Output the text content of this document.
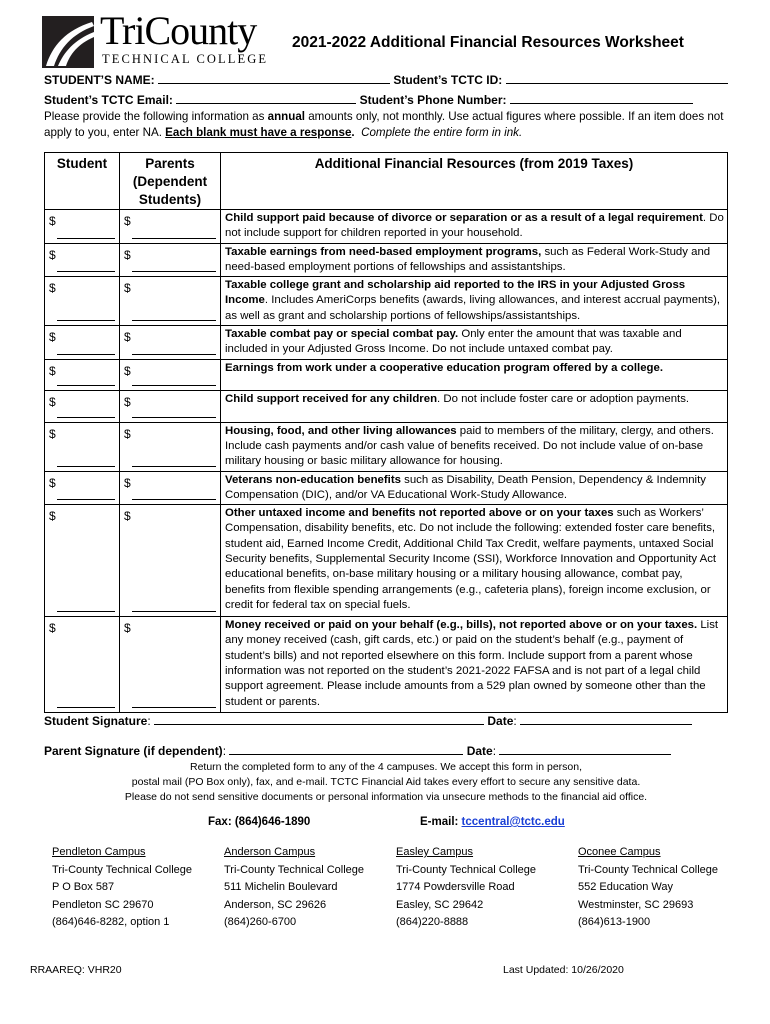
TriCounty
TECHNICAL COLLEGE
2021-2022 Additional Financial Resources Worksheet
STUDENT’S NAME:	Student’s TCTC ID:
Student’s TCTC Email:	Student’s Phone Number:
Please provide the following information as annual amounts only, not monthly. Use actual figures where possible. If an item does not apply to you, enter NA. Each blank must have a response. Complete the entire form in ink.
Student	Parents (Dependent Students)	Additional Financial Resources (from 2019 Taxes)

$	$	Child support paid because of divorce or separation or as a result of a legal requirement. Do not include support for children reported in your household.

$	$	Taxable earnings from need-based employment programs, such as Federal Work-Study and need-based employment portions of fellowships and assistantships.

$	$	Taxable college grant and scholarship aid reported to the IRS in your Adjusted Gross Income. Includes AmeriCorps benefits (awards, living allowances, and interest accrual payments), as well as grant and scholarship portions of fellowships/assistantships.

$	$	Taxable combat pay or special combat pay. Only enter the amount that was taxable and included in your Adjusted Gross Income. Do not include untaxed combat pay.

$	$	Earnings from work under a cooperative education program offered by a college.

$	$	Child support received for any children. Do not include foster care or adoption payments.

$	$	Housing, food, and other living allowances paid to members of the military, clergy, and others. Include cash payments and/or cash value of benefits received. Do not include value of on-base military housing or basic military allowance for housing.

$	$	Veterans non-education benefits such as Disability, Death Pension, Dependency & Indemnity Compensation (DIC), and/or VA Educational Work-Study Allowance.

$	$	Other untaxed income and benefits not reported above or on your taxes such as Workers’ Compensation, disability benefits, etc. Do not include the following: extended foster care benefits, student aid, Earned Income Credit, Additional Child Tax Credit, welfare payments, untaxed Social Security benefits, Supplemental Security Income (SSI), Workforce Innovation and Opportunity Act educational benefits, on-base military housing or a military housing allowance, combat pay, benefits from flexible spending arrangements (e.g., cafeteria plans), foreign income exclusion, or credit for federal tax on special fuels.

$	$	Money received or paid on your behalf (e.g., bills), not reported above or on your taxes. List any money received (cash, gift cards, etc.) or paid on the student’s behalf (e.g., payment of student’s bills) and not reported elsewhere on this form. Include support from a parent whose information was not reported on the student’s 2021-2022 FAFSA and is not part of a legal child support agreement. Please include amounts from a 529 plan owned by someone other than the student or parents.
Student Signature:	Date:
Parent Signature (if dependent):	Date:
Return the completed form to any of the 4 campuses. We accept this form in person,
postal mail (PO Box only), fax, and e-mail. TCTC Financial Aid takes every effort to secure any sensitive data.
Please do not send sensitive documents or personal information via unsecure methods to the financial aid office.
Fax: (864)646-1890	E-mail: tccentral@tctc.edu
Pendleton Campus
Tri-County Technical College
P O Box 587
Pendleton SC 29670
(864)646-8282, option 1
Anderson Campus
Tri-County Technical College
511 Michelin Boulevard
Anderson, SC 29626
(864)260-6700
Easley Campus
Tri-County Technical College
1774 Powdersville Road
Easley, SC 29642
(864)220-8888
Oconee Campus
Tri-County Technical College
552 Education Way
Westminster, SC 29693
(864)613-1900
RRAAREQ: VHR20	Last Updated: 10/26/2020
